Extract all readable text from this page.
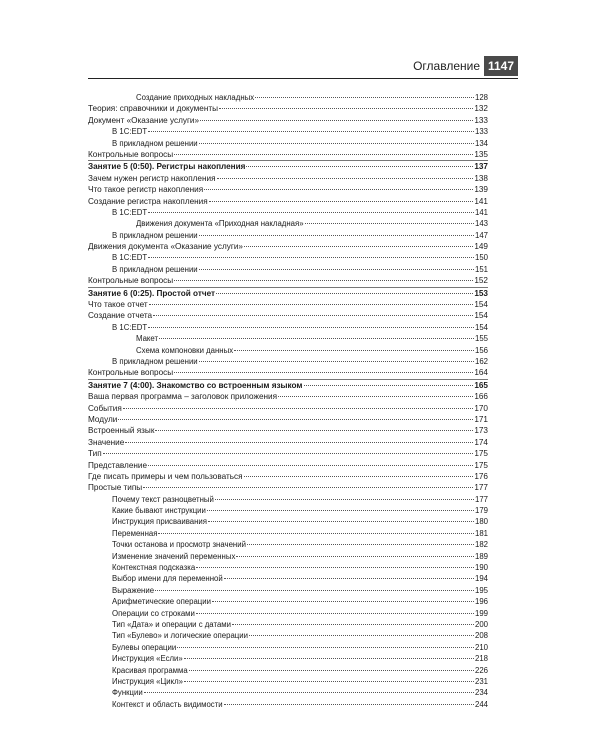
Оглавление 1147
Создание приходных накладных	128
Теория: справочники и документы	132
Документ «Оказание услуги»	133
В 1С:EDT	133
В прикладном решении	134
Контрольные вопросы	135
Занятие 5 (0:50). Регистры накопления	137
Зачем нужен регистр накопления	138
Что такое регистр накопления	139
Создание регистра накопления	141
В 1С:EDT	141
Движения документа «Приходная накладная»	143
В прикладном решении	147
Движения документа «Оказание услуги»	149
В 1С:EDT	150
В прикладном решении	151
Контрольные вопросы	152
Занятие 6 (0:25). Простой отчет	153
Что такое отчет	154
Создание отчета	154
В 1С:EDT	154
Макет	155
Схема компоновки данных	156
В прикладном решении	162
Контрольные вопросы	164
Занятие 7 (4:00). Знакомство со встроенным языком	165
Ваша первая программа – заголовок приложения	166
События	170
Модули	171
Встроенный язык	173
Значение	174
Тип	175
Представление	175
Где писать примеры и чем пользоваться	176
Простые типы	177
Почему текст разноцветный	177
Какие бывают инструкции	179
Инструкция присваивания	180
Переменная	181
Точки останова и просмотр значений	182
Изменение значений переменных	189
Контекстная подсказка	190
Выбор имени для переменной	194
Выражение	195
Арифметические операции	196
Операции со строками	199
Тип «Дата» и операции с датами	200
Тип «Булево» и логические операции	208
Булевы операции	210
Инструкция «Если»	218
Красивая программа	226
Инструкция «Цикл»	231
Функции	234
Контекст и область видимости	244
